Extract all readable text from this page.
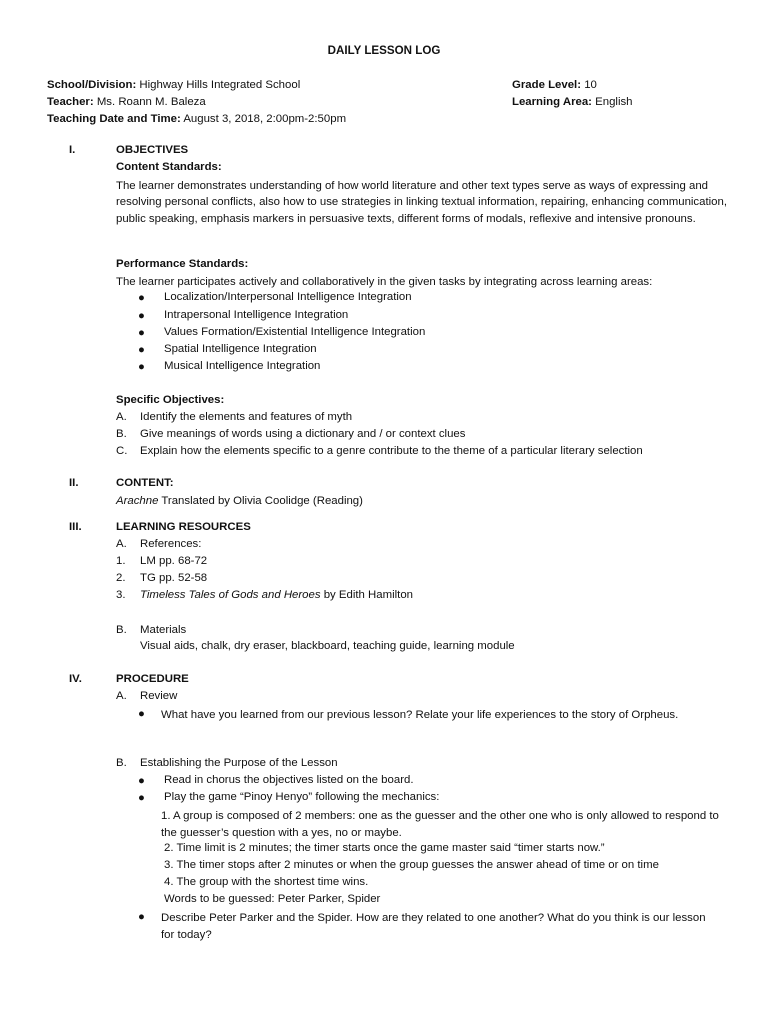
DAILY LESSON LOG
School/Division: Highway Hills Integrated School
Teacher: Ms. Roann M. Baleza
Teaching Date and Time: August 3, 2018, 2:00pm-2:50pm
Grade Level: 10
Learning Area: English
I.	OBJECTIVES
Content Standards:
The learner demonstrates understanding of how world literature and other text types serve as ways of expressing and resolving personal conflicts, also how to use strategies in linking textual information, repairing, enhancing communication, public speaking, emphasis markers in persuasive texts, different forms of modals, reflexive and intensive pronouns.
Performance Standards:
The learner participates actively and collaboratively in the given tasks by integrating across learning areas:
● Localization/Interpersonal Intelligence Integration
● Intrapersonal Intelligence Integration
● Values Formation/Existential Intelligence Integration
● Spatial Intelligence Integration
● Musical Intelligence Integration
Specific Objectives:
A. Identify the elements and features of myth
B. Give meanings of words using a dictionary and / or context clues
C. Explain how the elements specific to a genre contribute to the theme of a particular literary selection
II.	CONTENT:
Arachne Translated by Olivia Coolidge (Reading)
III.	LEARNING RESOURCES
A. References:
1. LM pp. 68-72
2. TG pp. 52-58
3. Timeless Tales of Gods and Heroes by Edith Hamilton
B. Materials
Visual aids, chalk, dry eraser, blackboard, teaching guide, learning module
IV.	PROCEDURE
A. Review
● What have you learned from our previous lesson? Relate your life experiences to the story of Orpheus.
B. Establishing the Purpose of the Lesson
● Read in chorus the objectives listed on the board.
● Play the game “Pinoy Henyo” following the mechanics:
1. A group is composed of 2 members: one as the guesser and the other one who is only allowed to respond to the guesser’s question with a yes, no or maybe.
2. Time limit is 2 minutes; the timer starts once the game master said “timer starts now.”
3. The timer stops after 2 minutes or when the group guesses the answer ahead of time or on time
4. The group with the shortest time wins.
Words to be guessed: Peter Parker, Spider
● Describe Peter Parker and the Spider. How are they related to one another? What do you think is our lesson for today?
